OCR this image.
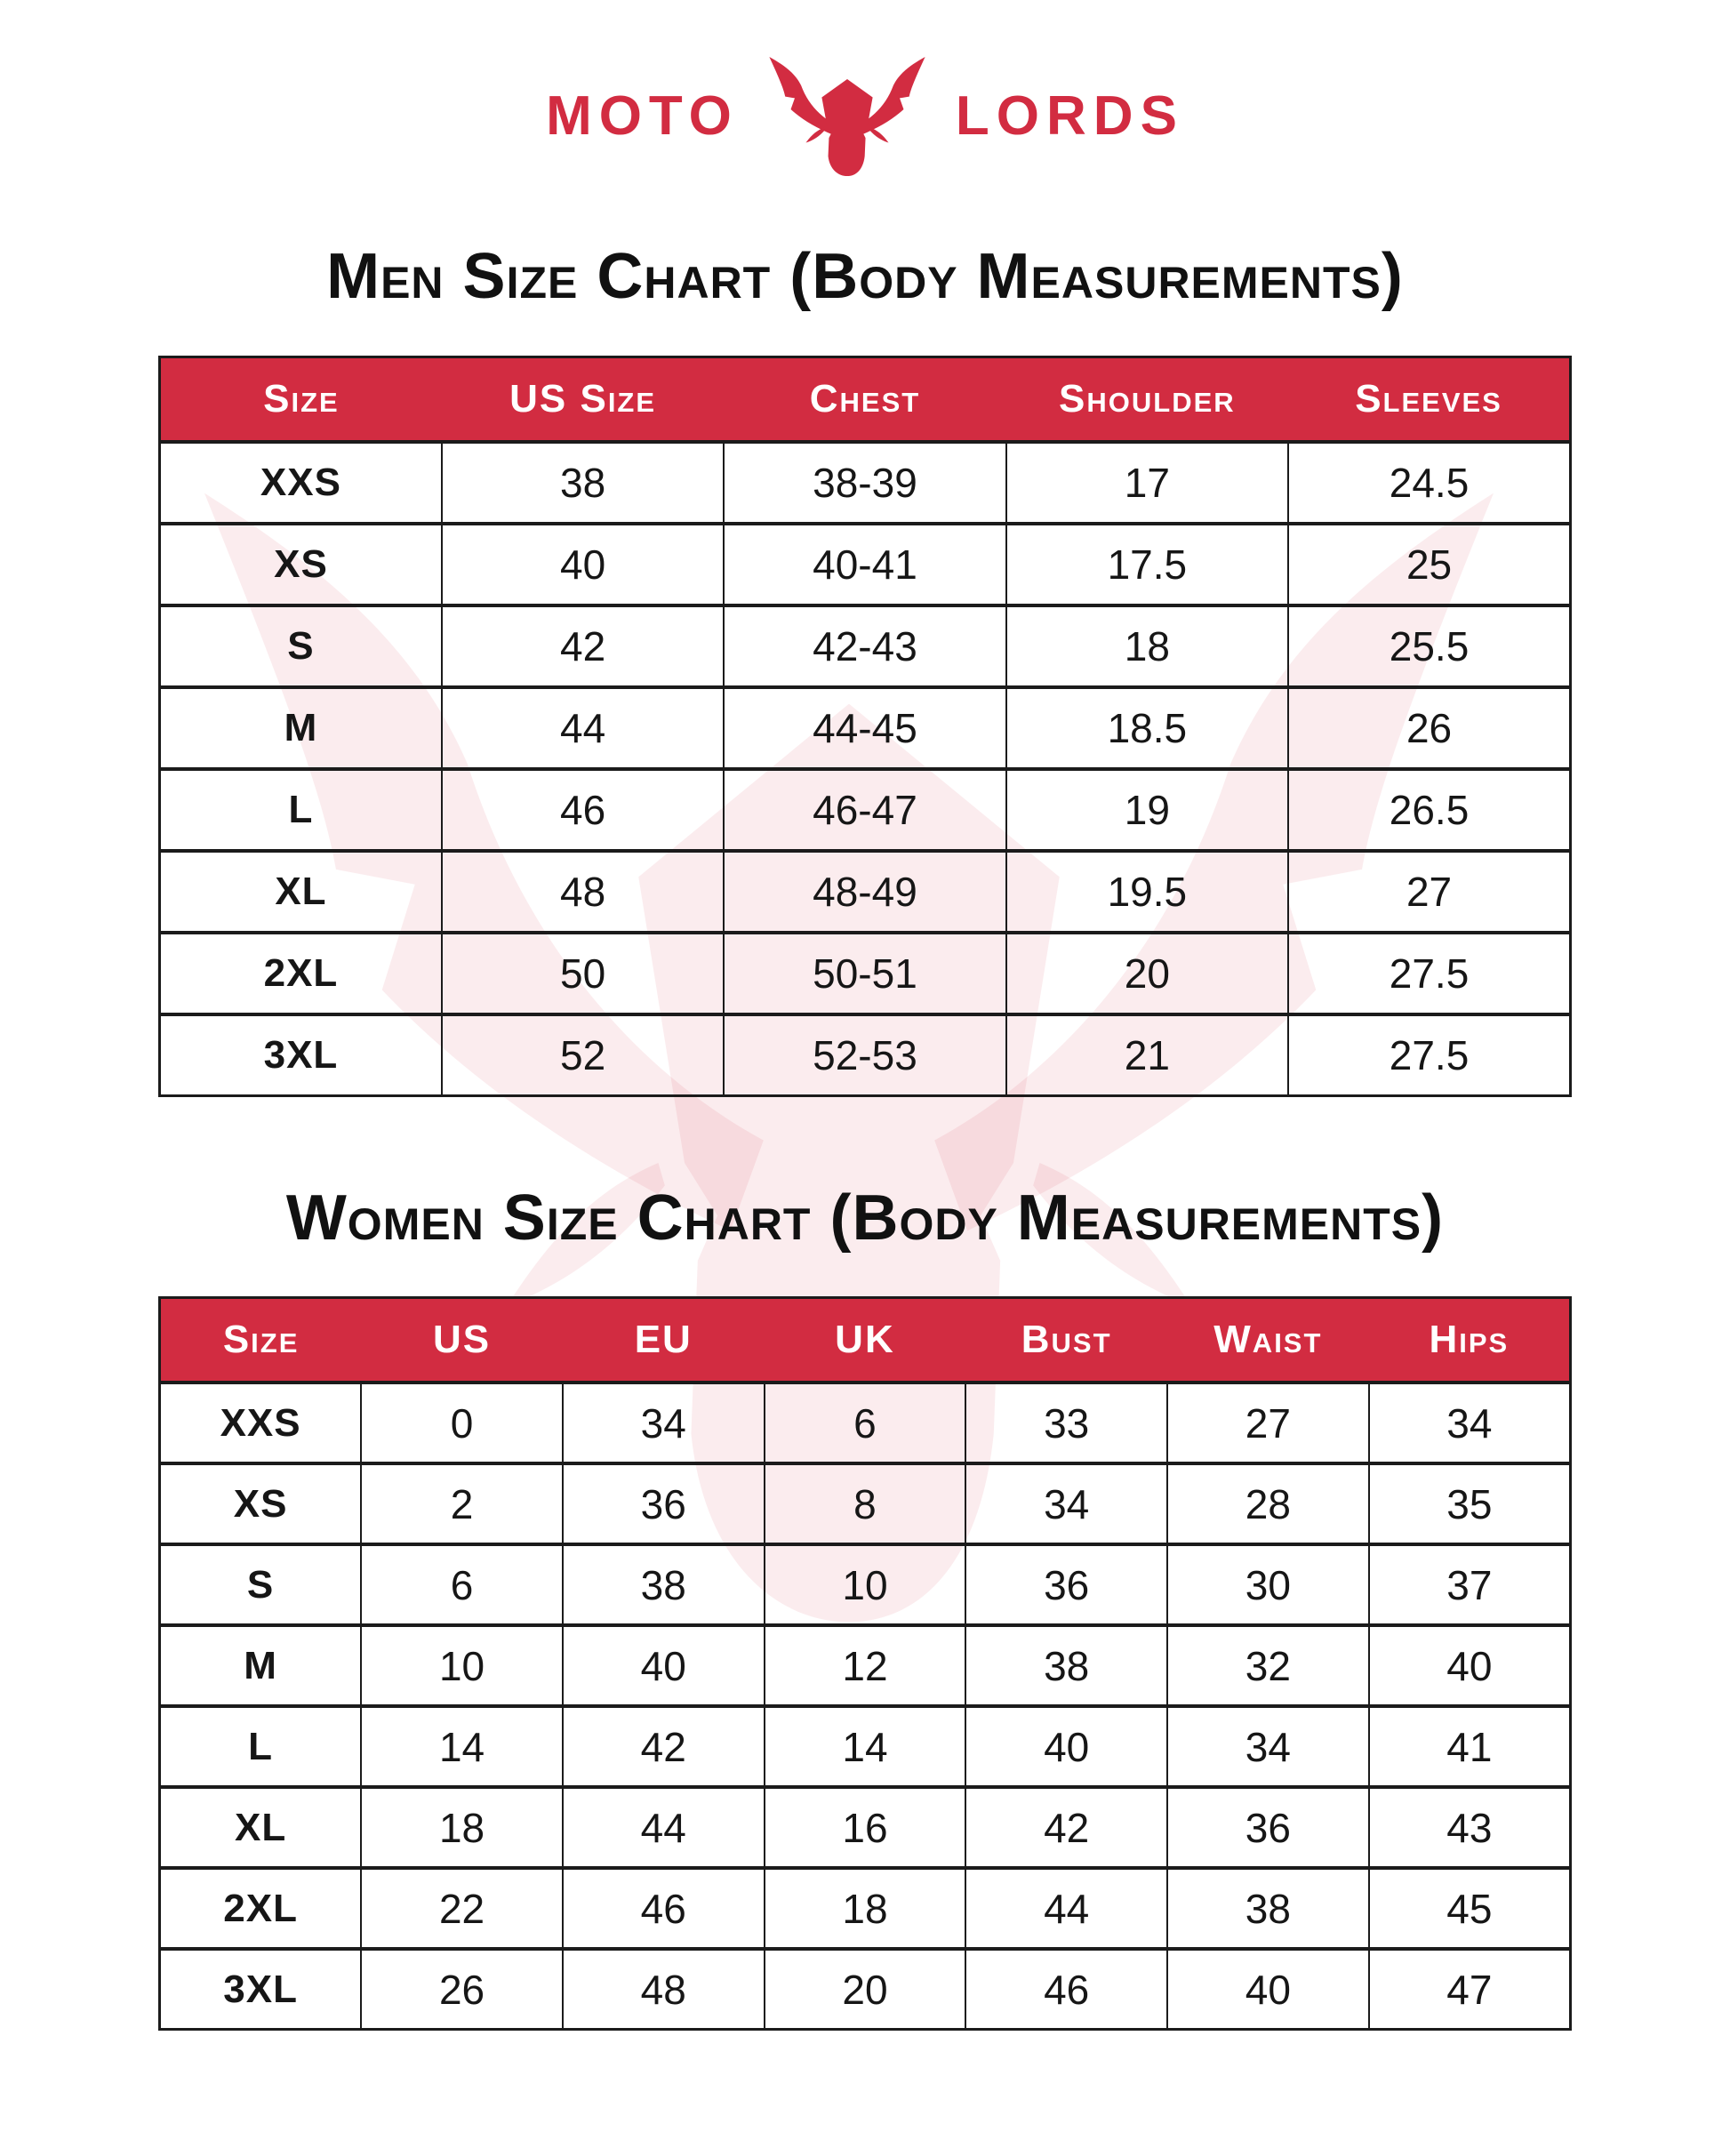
MOTO	LORDS
Men Size Chart (Body Measurements)
Size	US Size	Chest	Shoulder	Sleeves
XXS	38	38-39	17	24.5
XS	40	40-41	17.5	25
S	42	42-43	18	25.5
M	44	44-45	18.5	26
L	46	46-47	19	26.5
XL	48	48-49	19.5	27
2XL	50	50-51	20	27.5
3XL	52	52-53	21	27.5
Women Size Chart (Body Measurements)
Size	US	EU	UK	Bust	Waist	Hips
XXS	0	34	6	33	27	34
XS	2	36	8	34	28	35
S	6	38	10	36	30	37
M	10	40	12	38	32	40
L	14	42	14	40	34	41
XL	18	44	16	42	36	43
2XL	22	46	18	44	38	45
3XL	26	48	20	46	40	47
